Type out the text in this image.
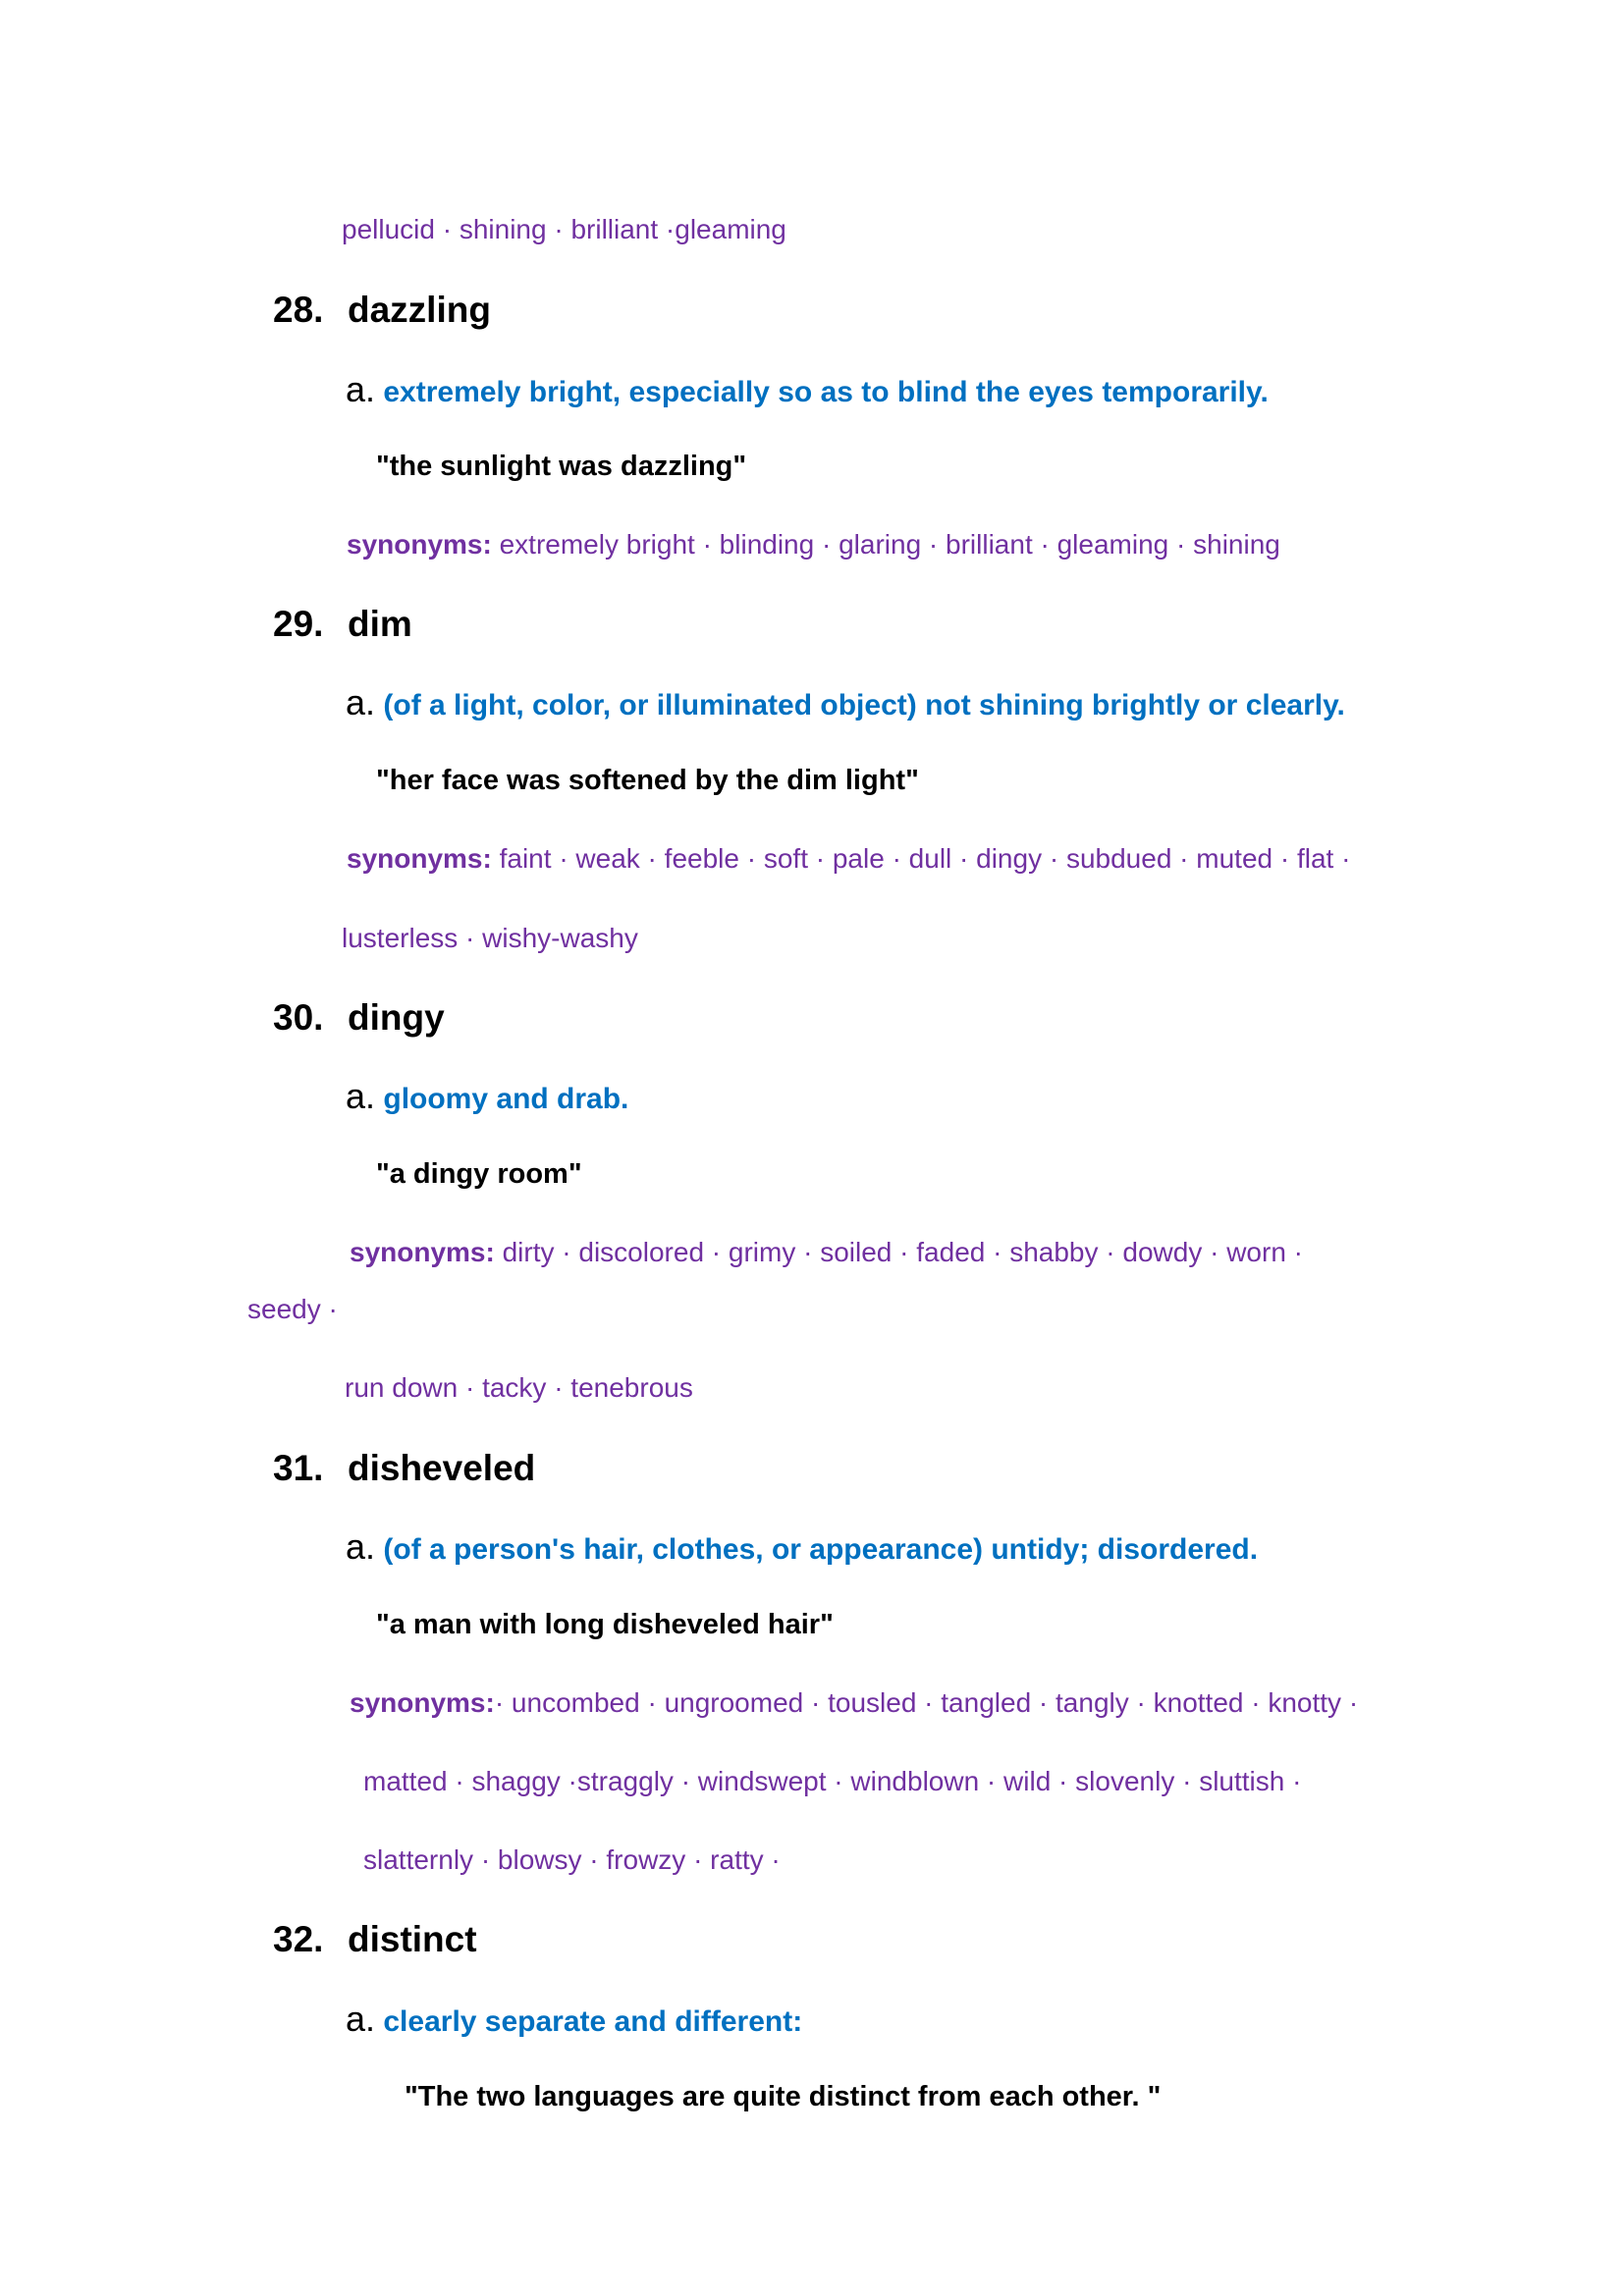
pellucid · shining · brilliant ·gleaming
28. dazzling
a. extremely bright, especially so as to blind the eyes temporarily.
"the sunlight was dazzling"
synonyms: extremely bright · blinding · glaring · brilliant · gleaming · shining
29. dim
a. (of a light, color, or illuminated object) not shining brightly or clearly.
"her face was softened by the dim light"
synonyms: faint · weak · feeble · soft · pale · dull · dingy · subdued · muted · flat ·
lusterless · wishy-washy
30. dingy
a. gloomy and drab.
"a dingy room"
synonyms: dirty · discolored · grimy · soiled · faded · shabby · dowdy · worn ·
seedy ·
run down · tacky · tenebrous
31. disheveled
a. (of a person's hair, clothes, or appearance) untidy; disordered.
"a man with long disheveled hair"
synonyms:· uncombed · ungroomed · tousled · tangled · tangly · knotted · knotty ·
matted · shaggy ·straggly · windswept · windblown · wild · slovenly · sluttish ·
slatternly · blowsy · frowzy · ratty ·
32. distinct
a. clearly separate and different:
"The two languages are quite distinct from each other. "
